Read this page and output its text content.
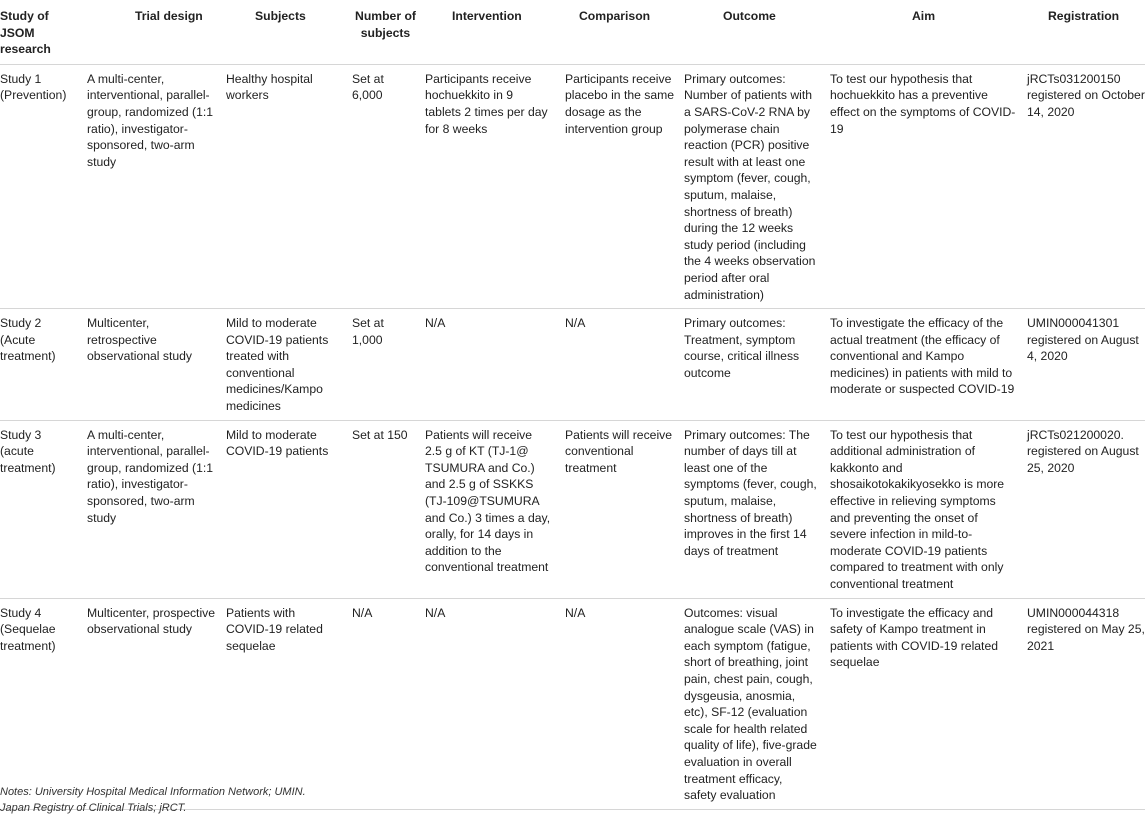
Study of JSOM research	Trial design	Subjects	Number of subjects	Intervention	Comparison	Outcome	Aim	Registration
Study 1 (Prevention)	A multi-center, interventional, parallel-group, randomized (1:1 ratio), investigator-sponsored, two-arm study	Healthy hospital workers	Set at 6,000	Participants receive hochuekkito in 9 tablets 2 times per day for 8 weeks	Participants receive placebo in the same dosage as the intervention group	Primary outcomes: Number of patients with a SARS-CoV-2 RNA by polymerase chain reaction (PCR) positive result with at least one symptom (fever, cough, sputum, malaise, shortness of breath) during the 12 weeks study period (including the 4 weeks observation period after oral administration)	To test our hypothesis that hochuekkito has a preventive effect on the symptoms of COVID-19	jRCTs031200150 registered on October 14, 2020
Study 2 (Acute treatment)	Multicenter, retrospective observational study	Mild to moderate COVID-19 patients treated with conventional medicines/Kampo medicines	Set at 1,000	N/A	N/A	Primary outcomes: Treatment, symptom course, critical illness outcome	To investigate the efficacy of the actual treatment (the efficacy of conventional and Kampo medicines) in patients with mild to moderate or suspected COVID-19	UMIN000041301 registered on August 4, 2020
Study 3 (acute treatment)	A multi-center, interventional, parallel-group, randomized (1:1 ratio), investigator-sponsored, two-arm study	Mild to moderate COVID-19 patients	Set at 150	Patients will receive 2.5 g of KT (TJ-1@ TSUMURA and Co.) and 2.5 g of SSKKS (TJ-109@TSUMURA and Co.) 3 times a day, orally, for 14 days in addition to the conventional treatment	Patients will receive conventional treatment	Primary outcomes: The number of days till at least one of the symptoms (fever, cough, sputum, malaise, shortness of breath) improves in the first 14 days of treatment	To test our hypothesis that additional administration of kakkonto and shosaikotokakikyosekko is more effective in relieving symptoms and preventing the onset of severe infection in mild-to-moderate COVID-19 patients compared to treatment with only conventional treatment	jRCTs021200020. registered on August 25, 2020
Study 4 (Sequelae treatment)	Multicenter, prospective observational study	Patients with COVID-19 related sequelae	N/A	N/A	N/A	Outcomes: visual analogue scale (VAS) in each symptom (fatigue, short of breathing, joint pain, chest pain, cough, dysgeusia, anosmia, etc), SF-12 (evaluation scale for health related quality of life), five-grade evaluation in overall treatment efficacy, safety evaluation	To investigate the efficacy and safety of Kampo treatment in patients with COVID-19 related sequelae	UMIN000044318 registered on May 25, 2021
Notes: University Hospital Medical Information Network; UMIN.
Japan Registry of Clinical Trials; jRCT.
